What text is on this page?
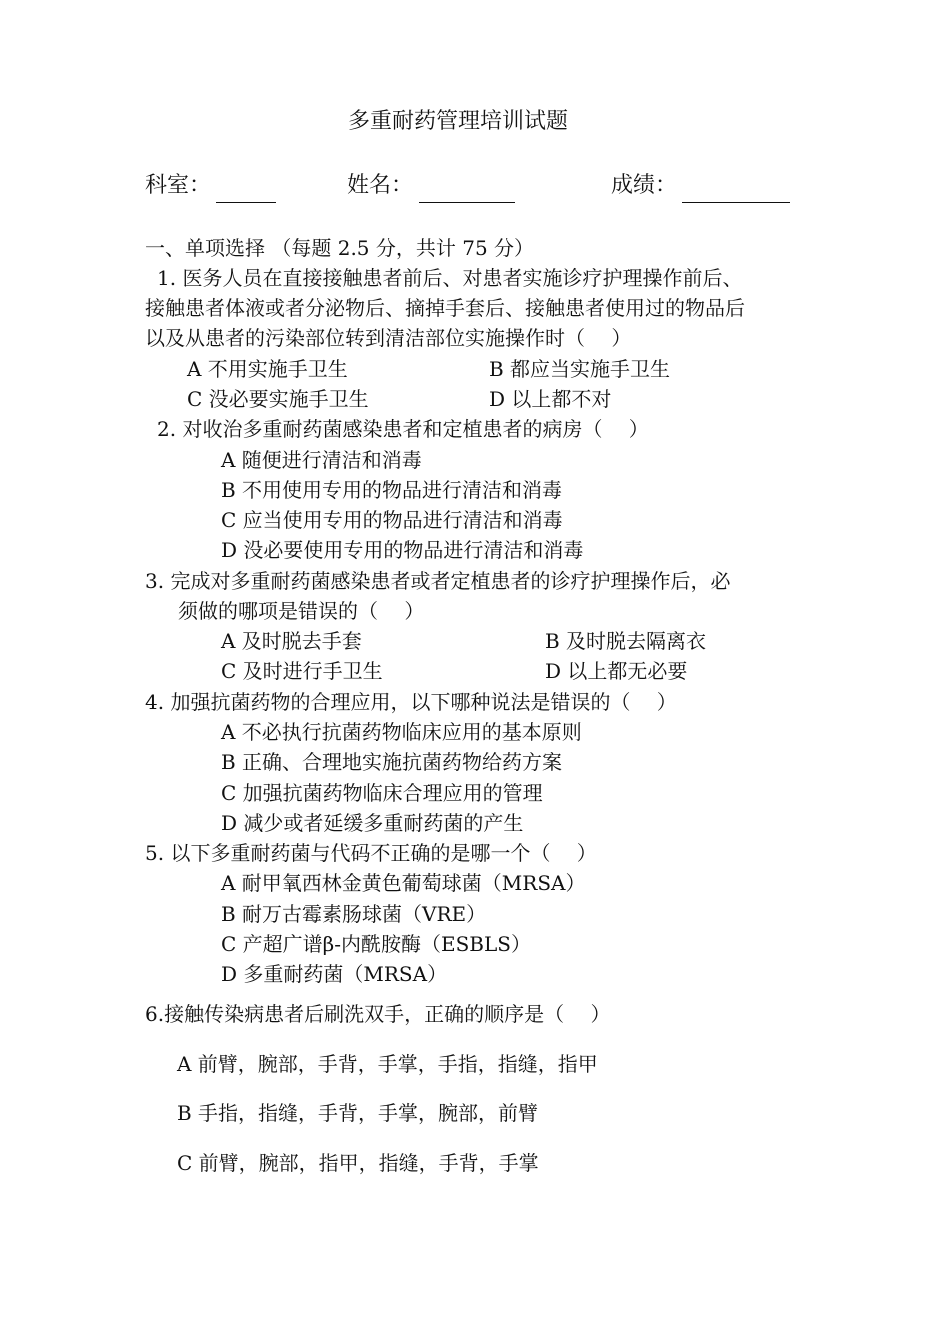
多重耐药管理培训试题
科室：	姓名：	成绩：
一、单项选择 （每题 2.5 分，共计 75 分）
1. 医务人员在直接接触患者前后、对患者实施诊疗护理操作前后、
接触患者体液或者分泌物后、摘掉手套后、接触患者使用过的物品后
以及从患者的污染部位转到清洁部位实施操作时（　 ）
A 不用实施手卫生	B 都应当实施手卫生
C 没必要实施手卫生	D 以上都不对
2. 对收治多重耐药菌感染患者和定植患者的病房（　 ）
A 随便进行清洁和消毒
B 不用使用专用的物品进行清洁和消毒
C 应当使用专用的物品进行清洁和消毒
D 没必要使用专用的物品进行清洁和消毒
3. 完成对多重耐药菌感染患者或者定植患者的诊疗护理操作后，必
须做的哪项是错误的（　 ）
A 及时脱去手套	B 及时脱去隔离衣
C 及时进行手卫生	D 以上都无必要
4. 加强抗菌药物的合理应用，以下哪种说法是错误的（　 ）
A 不必执行抗菌药物临床应用的基本原则
B 正确、合理地实施抗菌药物给药方案
C 加强抗菌药物临床合理应用的管理
D 减少或者延缓多重耐药菌的产生
5. 以下多重耐药菌与代码不正确的是哪一个（　 ）
A 耐甲氧西林金黄色葡萄球菌（MRSA）
B 耐万古霉素肠球菌（VRE）
C 产超广谱β-内酰胺酶（ESBLS）
D 多重耐药菌（MRSA）
6.接触传染病患者后刷洗双手，正确的顺序是（　 ）
A 前臂，腕部，手背，手掌，手指，指缝，指甲
B 手指，指缝，手背，手掌，腕部，前臂
C 前臂，腕部，指甲，指缝，手背，手掌
